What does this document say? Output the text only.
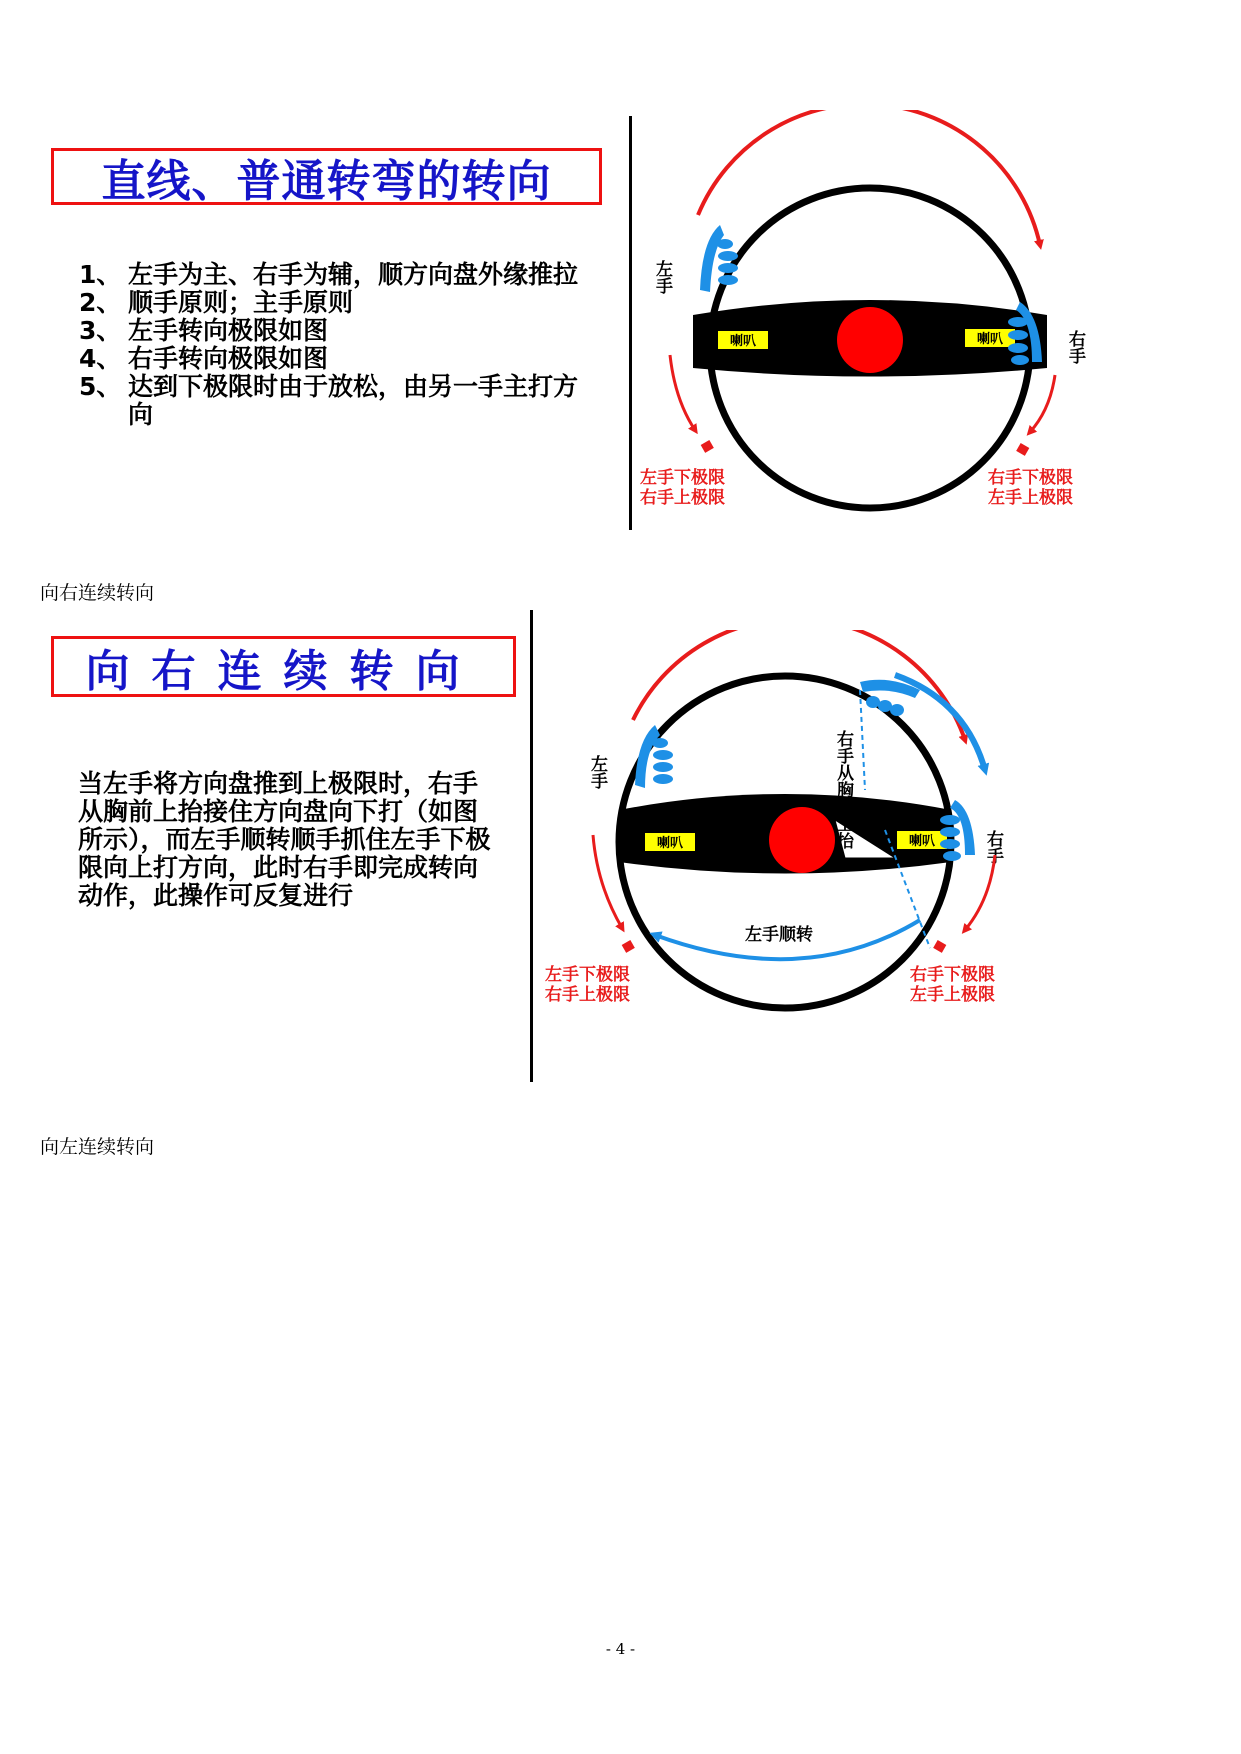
直线、普通转弯的转向
1、 左手为主、右手为辅，顺方向盘外缘推拉
2、 顺手原则；主手原则
3、 左手转向极限如图
4、 右手转向极限如图
5、 达到下极限时由于放松，由另一手主打方向
喇叭	喇叭
左手
右手
左手下极限
右手上极限
右手下极限
左手上极限
向右连续转向
向右连续转向
当左手将方向盘推到上极限时，右手从胸前上抬接住方向盘向下打（如图所示），而左手顺转顺手抓住左手下极限向上打方向，此时右手即完成转向动作，此操作可反复进行
喇叭	喇叭
右手从胸前上抬
左手
右手
左手顺转
左手下极限
右手上极限
右手下极限
左手上极限
向左连续转向
- 4 -
